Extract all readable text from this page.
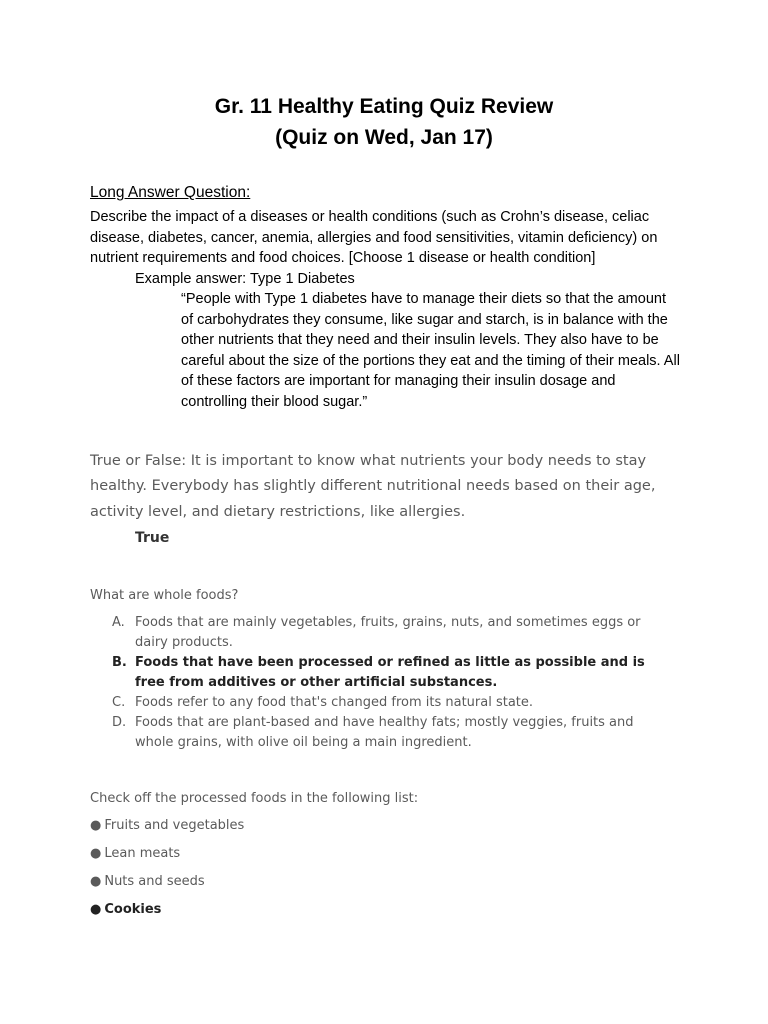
Gr. 11 Healthy Eating Quiz Review
(Quiz on Wed, Jan 17)
Long Answer Question:
Describe the impact of a diseases or health conditions (such as Crohn’s disease, celiac disease, diabetes, cancer, anemia, allergies and food sensitivities, vitamin deficiency) on nutrient requirements and food choices. [Choose 1 disease or health condition]
Example answer: Type 1 Diabetes
“People with Type 1 diabetes have to manage their diets so that the amount of carbohydrates they consume, like sugar and starch, is in balance with the other nutrients that they need and their insulin levels. They also have to be careful about the size of the portions they eat and the timing of their meals. All of these factors are important for managing their insulin dosage and controlling their blood sugar.”
True or False: It is important to know what nutrients your body needs to stay
healthy. Everybody has slightly different nutritional needs based on their age,
activity level, and dietary restrictions, like allergies.
True
What are whole foods?
A. Foods that are mainly vegetables, fruits, grains, nuts, and sometimes eggs or dairy products.
B. Foods that have been processed or refined as little as possible and is free from additives or other artificial substances.
C. Foods refer to any food that's changed from its natural state.
D. Foods that are plant-based and have healthy fats; mostly veggies, fruits and whole grains, with olive oil being a main ingredient.
Check off the processed foods in the following list:
● Fruits and vegetables
● Lean meats
● Nuts and seeds
● Cookies
